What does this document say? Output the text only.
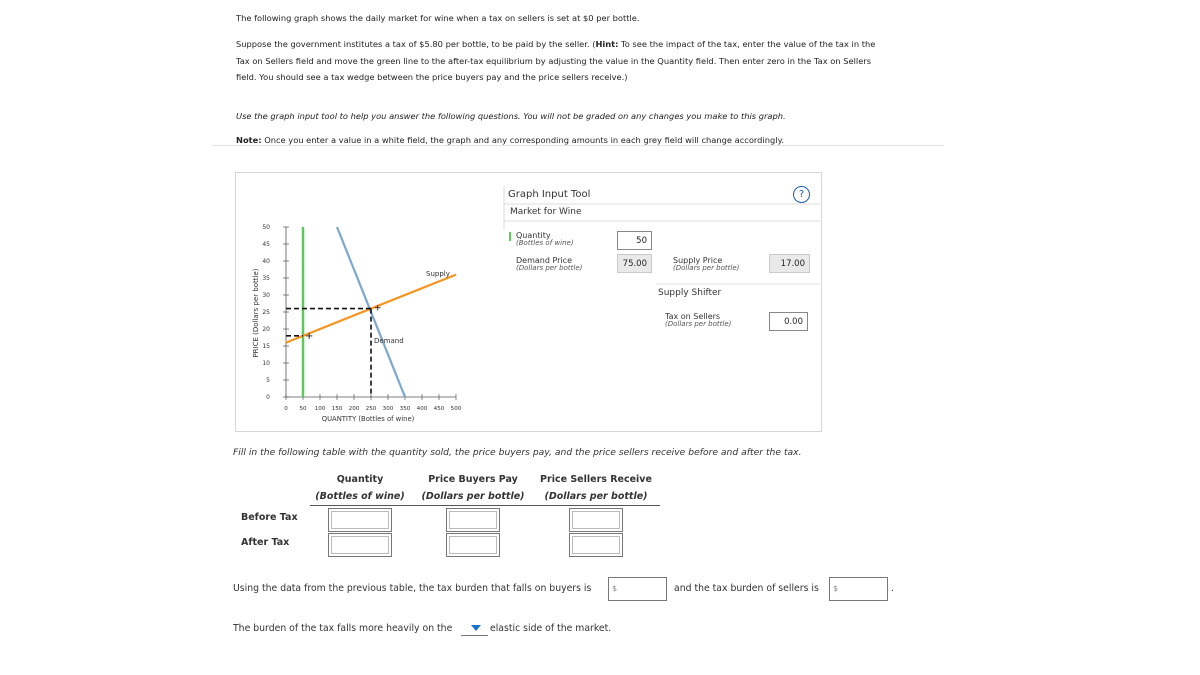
The following graph shows the daily market for wine when a tax on sellers is set at $0 per bottle.
Suppose the government institutes a tax of $5.80 per bottle, to be paid by the seller. (Hint: To see the impact of the tax, enter the value of the tax in the Tax on Sellers field and move the green line to the after-tax equilibrium by adjusting the value in the Quantity field. Then enter zero in the Tax on Sellers field. You should see a tax wedge between the price buyers pay and the price sellers receive.)
Use the graph input tool to help you answer the following questions. You will not be graded on any changes you make to this graph.
Note: Once you enter a value in a white field, the graph and any corresponding amounts in each grey field will change accordingly.
PRICE (Dollars per bottle)
0
5
10
15
20
25
30
35
40
45
50
0 50 100 150 200 250 300 350 400 450 500
QUANTITY (Bottles of wine)
+
+
Supply
Demand
Graph Input Tool	?
Market for Wine
Quantity
(Bottles of wine)	50
Demand Price
(Dollars per bottle)	75.00	Supply Price
(Dollars per bottle)	17.00
Supply Shifter
Tax on Sellers
(Dollars per bottle)	0.00
Fill in the following table with the quantity sold, the price buyers pay, and the price sellers receive before and after the tax.
Quantity
(Bottles of wine)
Price Buyers Pay
(Dollars per bottle)
Price Sellers Receive
(Dollars per bottle)
Before Tax
After Tax
Using the data from the previous table, the tax burden that falls on buyers is	$	and the tax burden of sellers is	$	.
The burden of the tax falls more heavily on the	elastic side of the market.
